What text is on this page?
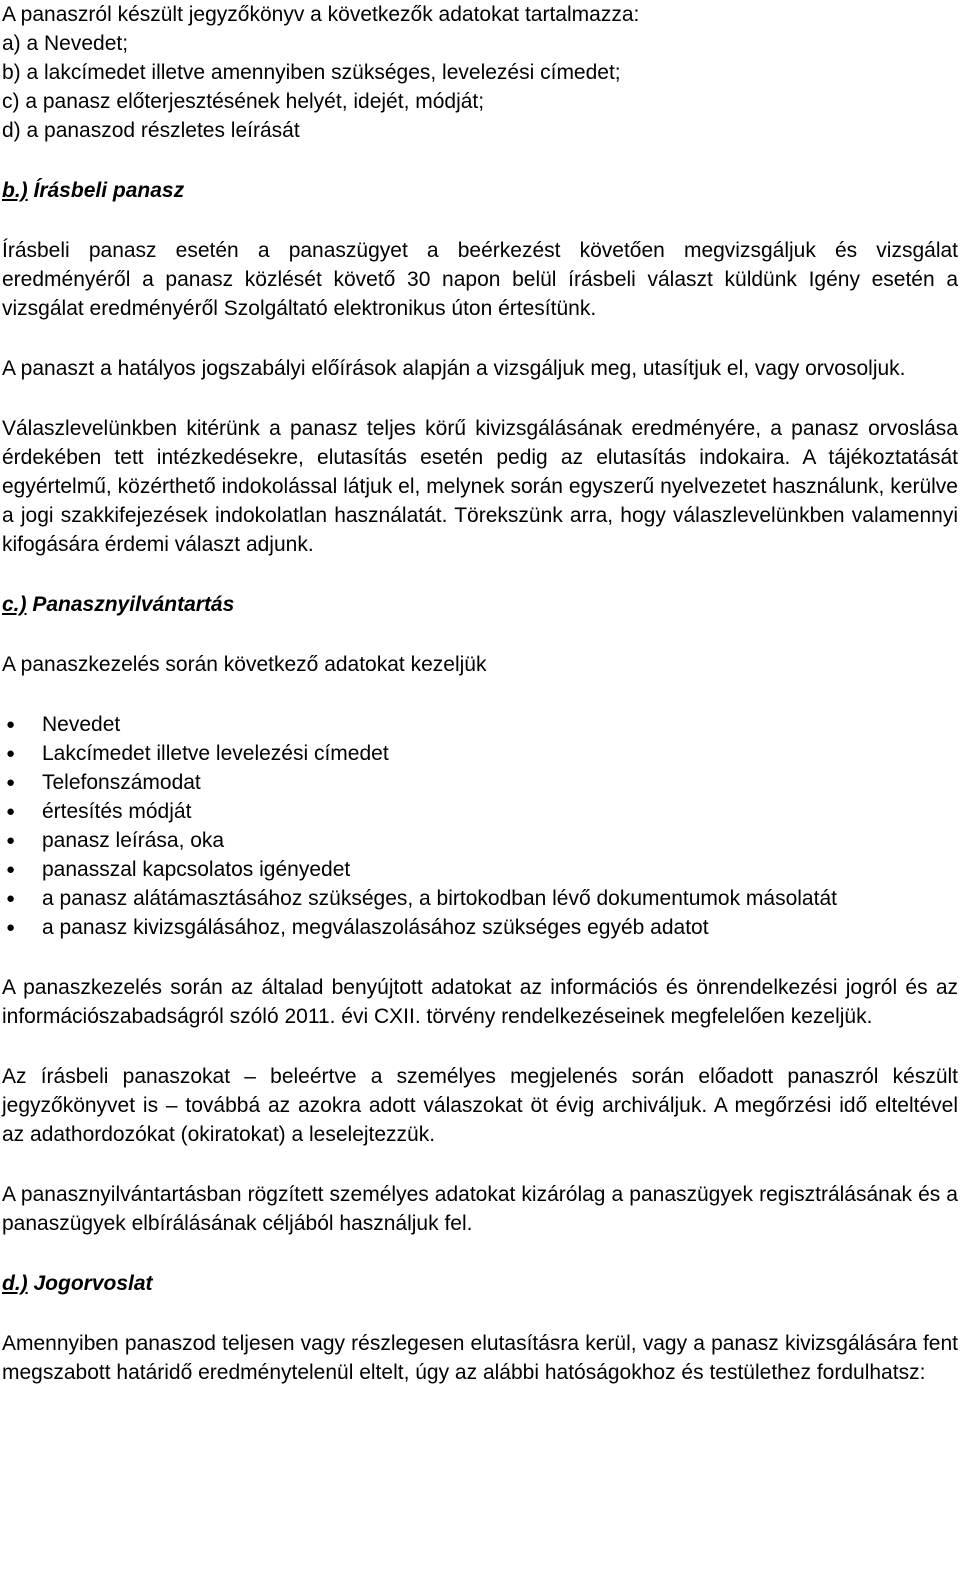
A panaszról készült jegyzőkönyv a következők adatokat tartalmazza:

a) a Nevedet;

b) a lakcímedet illetve amennyiben szükséges, levelezési címedet;

c) a panasz előterjesztésének helyét, idejét, módját;

d) a panaszod részletes leírását

b.) Írásbeli panasz

Írásbeli panasz esetén a panaszügyet a beérkezést követően megvizsgáljuk és vizsgálat eredményéről a panasz közlését követő 30 napon belül írásbeli választ küldünk Igény esetén a vizsgálat eredményéről Szolgáltató elektronikus úton értesítünk.

A panaszt a hatályos jogszabályi előírások alapján a vizsgáljuk meg, utasítjuk el, vagy orvosoljuk.

Válaszlevelünkben kitérünk a panasz teljes körű kivizsgálásának eredményére, a panasz orvoslása érdekében tett intézkedésekre, elutasítás esetén pedig az elutasítás indokaira. A tájékoztatását egyértelmű, közérthető indokolással látjuk el, melynek során egyszerű nyelvezetet használunk, kerülve a jogi szakkifejezések indokolatlan használatát. Törekszünk arra, hogy válaszlevelünkben valamennyi kifogására érdemi választ adjunk.

c.) Panasznyilvántartás

A panaszkezelés során következő adatokat kezeljük

●	Nevedet
●	Lakcímedet illetve levelezési címedet
●	Telefonszámodat
●	értesítés módját
●	panasz leírása, oka
●	panasszal kapcsolatos igényedet
●	a panasz alátámasztásához szükséges, a birtokodban lévő dokumentumok másolatát
●	a panasz kivizsgálásához, megválaszolásához szükséges egyéb adatot

A panaszkezelés során az általad benyújtott adatokat az információs és önrendelkezési jogról és az információszabadságról szóló 2011. évi CXII. törvény rendelkezéseinek megfelelően kezeljük.

Az írásbeli panaszokat – beleértve a személyes megjelenés során előadott panaszról készült jegyzőkönyvet is – továbbá az azokra adott válaszokat öt évig archiváljuk. A megőrzési idő elteltével az adathordozókat (okiratokat) a leselejtezzük.

A panasznyilvántartásban rögzített személyes adatokat kizárólag a panaszügyek regisztrálásának és a panaszügyek elbírálásának céljából használjuk fel.

d.) Jogorvoslat

Amennyiben panaszod teljesen vagy részlegesen elutasításra kerül, vagy a panasz kivizsgálására fent megszabott határidő eredménytelenül eltelt, úgy az alábbi hatóságokhoz és testülethez fordulhatsz:
